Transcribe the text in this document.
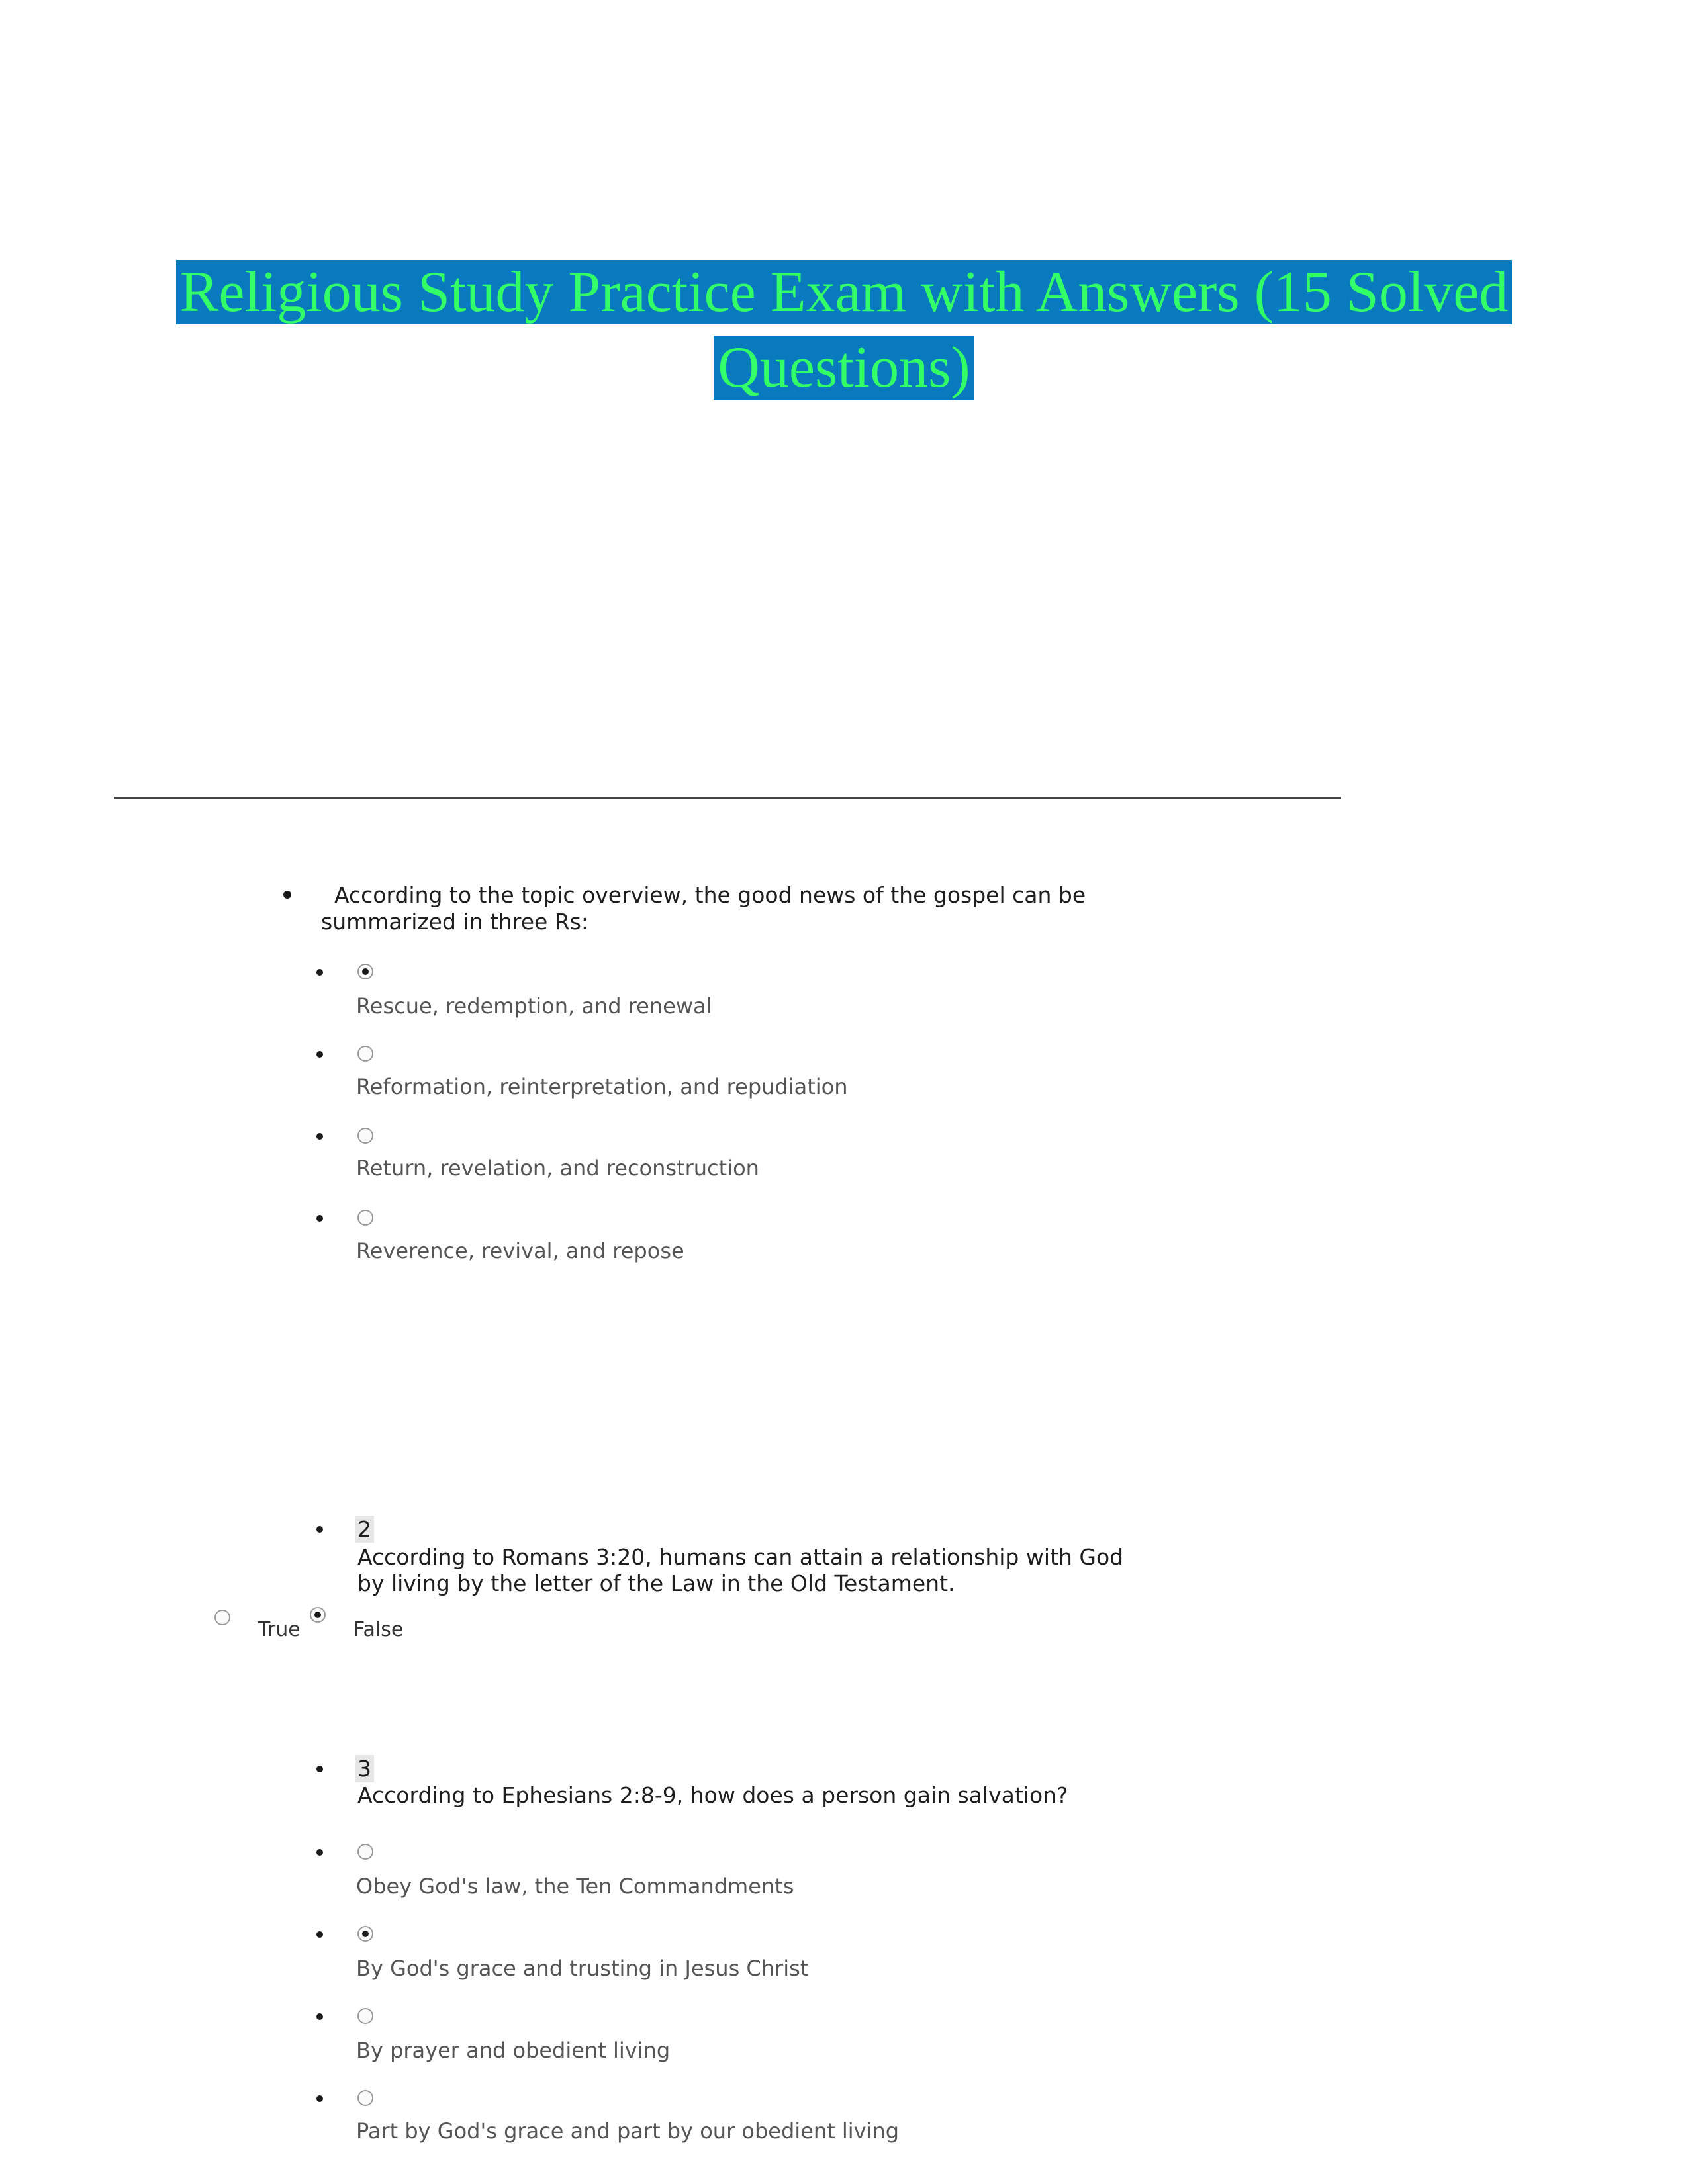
Religious Study Practice Exam with Answers (15 Solved Questions)
According to the topic overview, the good news of the gospel can be
summarized in three Rs:
Rescue, redemption, and renewal
Reformation, reinterpretation, and repudiation
Return, revelation, and reconstruction
Reverence, revival, and repose
2
According to Romans 3:20, humans can attain a relationship with God
by living by the letter of the Law in the Old Testament.
True	False
3
According to Ephesians 2:8-9, how does a person gain salvation?
Obey God's law, the Ten Commandments
By God's grace and trusting in Jesus Christ
By prayer and obedient living
Part by God's grace and part by our obedient living
